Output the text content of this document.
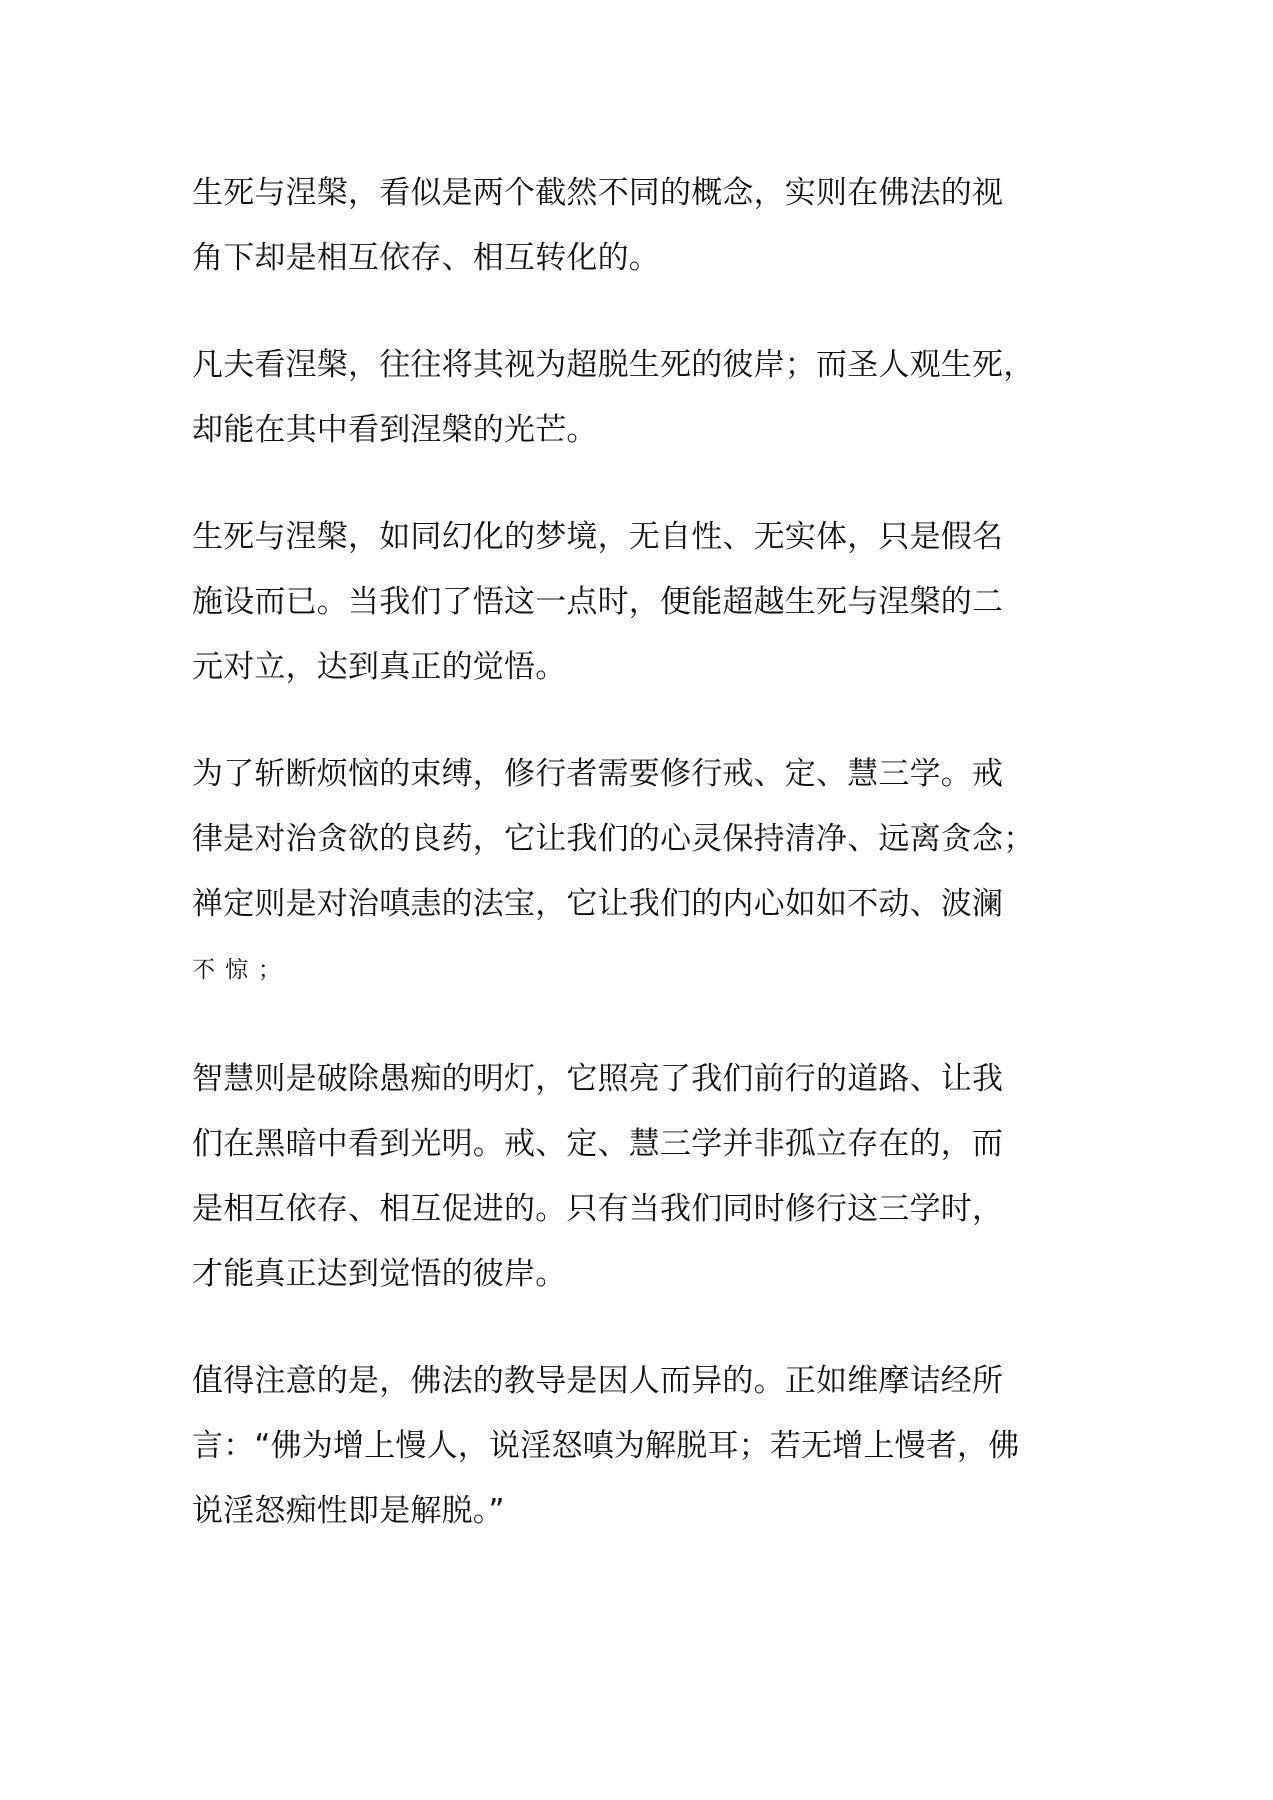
生死与涅槃，看似是两个截然不同的概念，实则在佛法的视

角下却是相互依存、相互转化的。

凡夫看涅槃，往往将其视为超脱生死的彼岸；而圣人观生死，

却能在其中看到涅槃的光芒。

生死与涅槃，如同幻化的梦境，无自性、无实体，只是假名

施设而已。当我们了悟这一点时，便能超越生死与涅槃的二

元对立，达到真正的觉悟。

为了斩断烦恼的束缚，修行者需要修行戒、定、慧三学。戒

律是对治贪欲的良药，它让我们的心灵保持清净、远离贪念；

禅定则是对治嗔恚的法宝，它让我们的内心如如不动、波澜

不惊；

智慧则是破除愚痴的明灯，它照亮了我们前行的道路、让我

们在黑暗中看到光明。戒、定、慧三学并非孤立存在的，而

是相互依存、相互促进的。只有当我们同时修行这三学时，

才能真正达到觉悟的彼岸。

值得注意的是，佛法的教导是因人而异的。正如维摩诘经所

言：“佛为增上慢人，说淫怒嗔为解脱耳；若无增上慢者，佛

说淫怒痴性即是解脱。”
